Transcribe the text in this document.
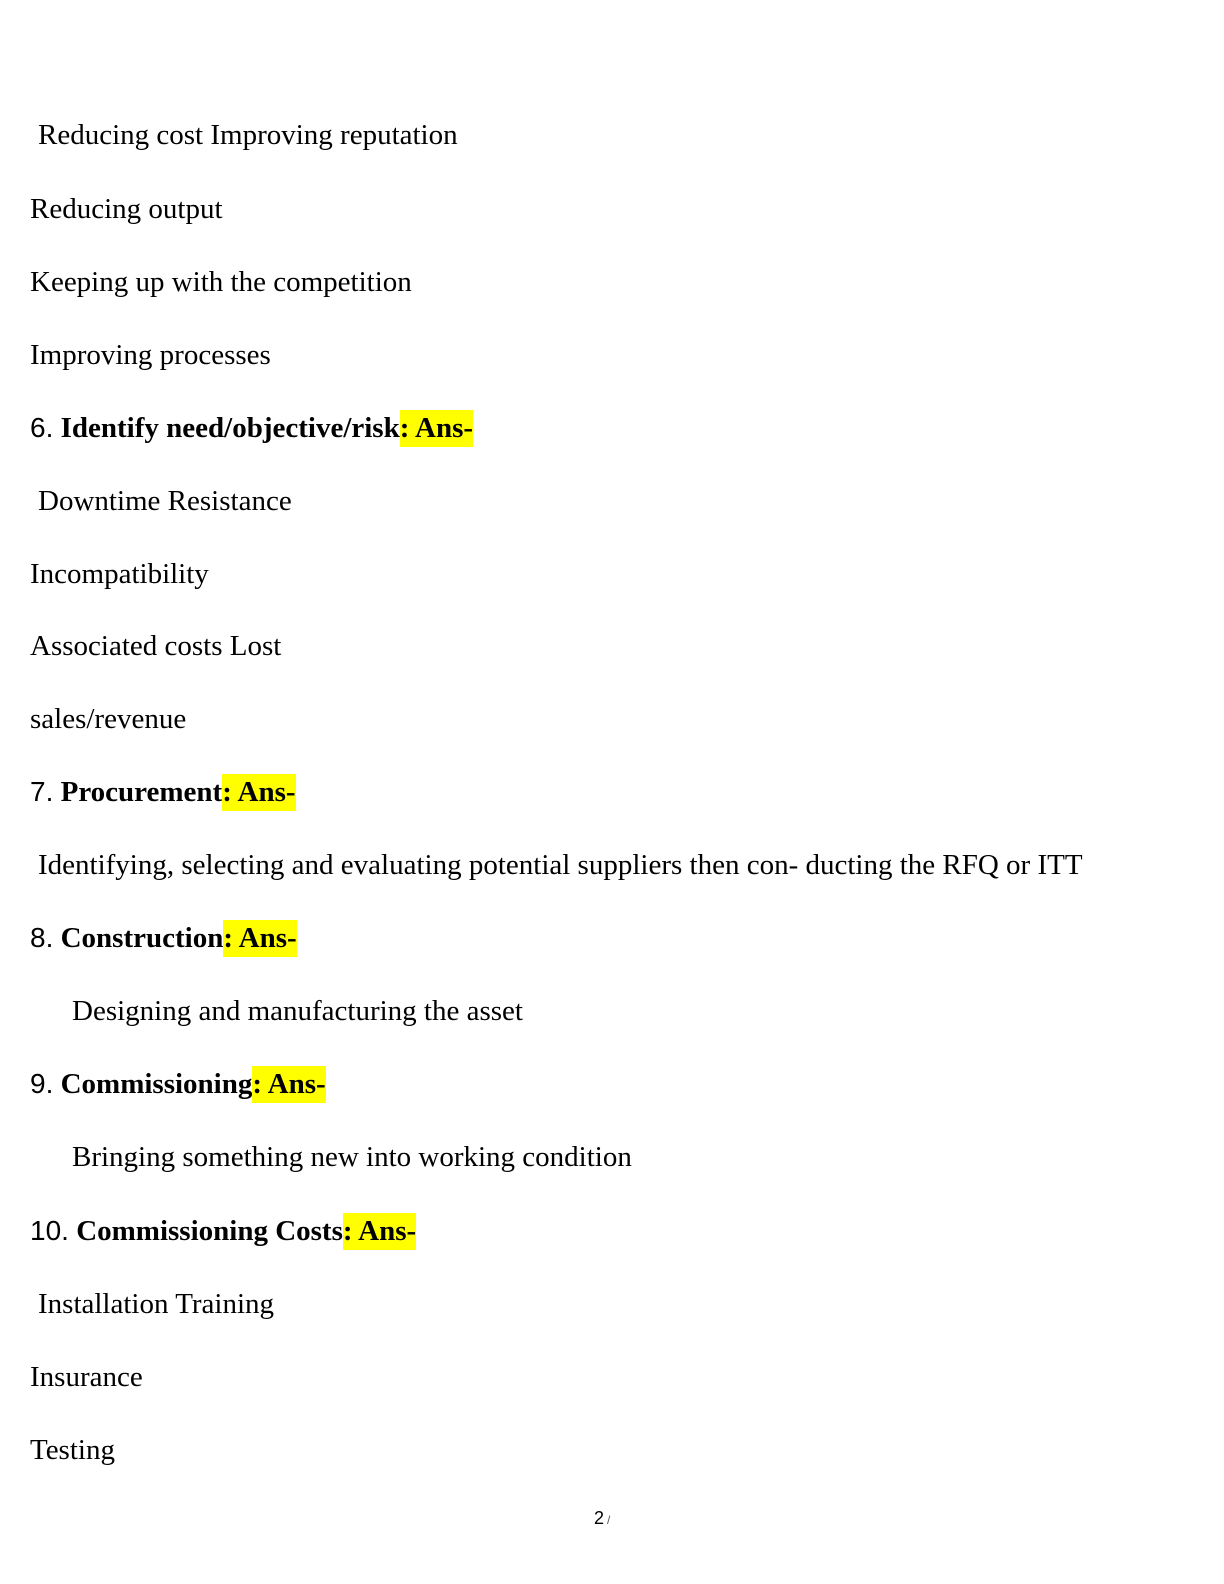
Reducing cost Improving reputation

Reducing output

Keeping up with the competition

Improving processes

6. Identify need/objective/risk: Ans-

Downtime Resistance

Incompatibility

Associated costs Lost

sales/revenue

7. Procurement: Ans-

Identifying, selecting and evaluating potential suppliers then con- ducting the RFQ or ITT

8. Construction: Ans-

Designing and manufacturing the asset

9. Commissioning: Ans-

Bringing something new into working condition

10. Commissioning Costs: Ans-

Installation Training

Insurance

Testing

2 /
